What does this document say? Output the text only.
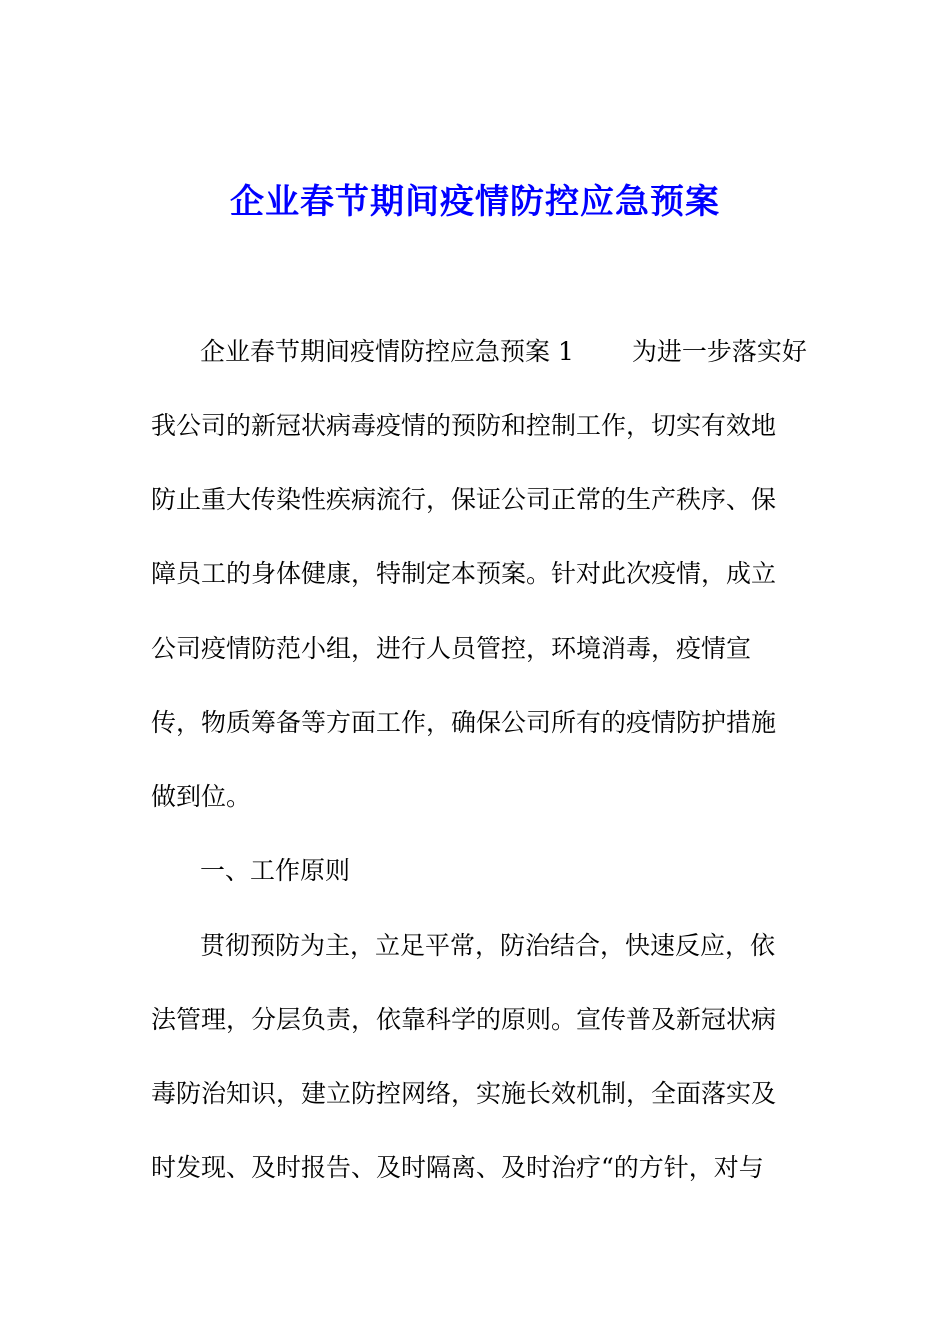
企业春节期间疫情防控应急预案
企业春节期间疫情防控应急预案 1 为进一步落实好
我公司的新冠状病毒疫情的预防和控制工作，切实有效地
防止重大传染性疾病流行，保证公司正常的生产秩序、保
障员工的身体健康，特制定本预案。针对此次疫情，成立
公司疫情防范小组，进行人员管控，环境消毒，疫情宣
传，物质筹备等方面工作，确保公司所有的疫情防护措施
做到位。
一、工作原则
贯彻预防为主，立足平常，防治结合，快速反应，依
法管理，分层负责，依靠科学的原则。宣传普及新冠状病
毒防治知识，建立防控网络，实施长效机制，全面落实及
时发现、及时报告、及时隔离、及时治疗“的方针，对与
